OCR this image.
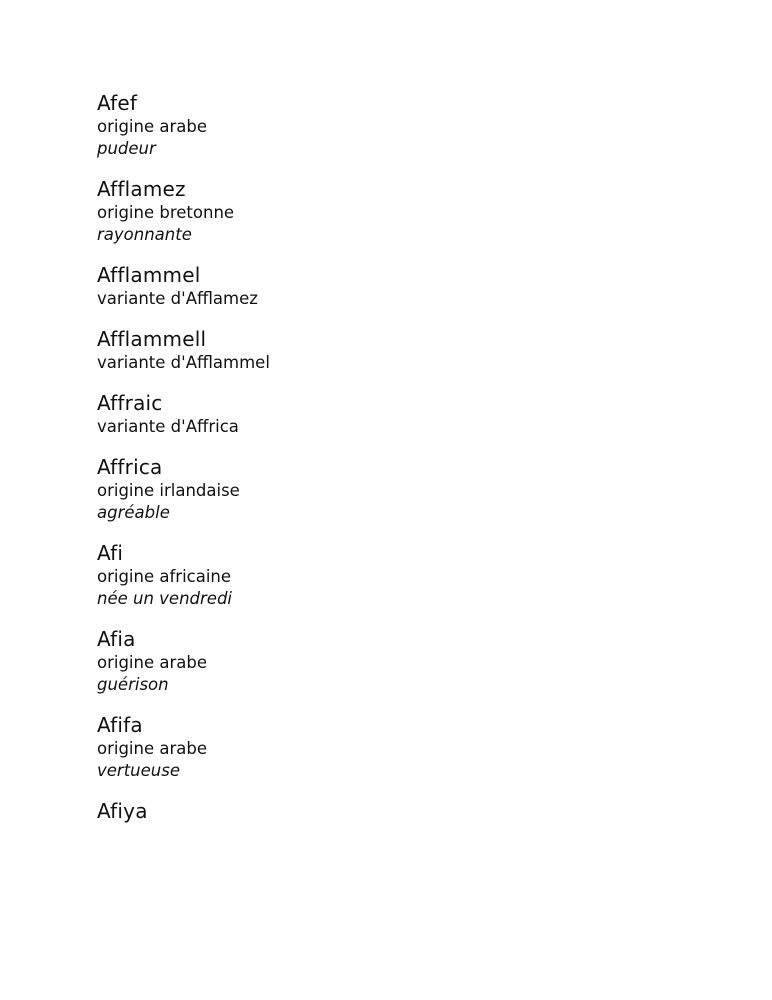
Afef
origine arabe
pudeur
Afflamez
origine bretonne
rayonnante
Afflammel
variante d'Afflamez
Afflammell
variante d'Afflammel
Affraic
variante d'Affrica
Affrica
origine irlandaise
agréable
Afi
origine africaine
née un vendredi
Afia
origine arabe
guérison
Afifa
origine arabe
vertueuse
Afiya
